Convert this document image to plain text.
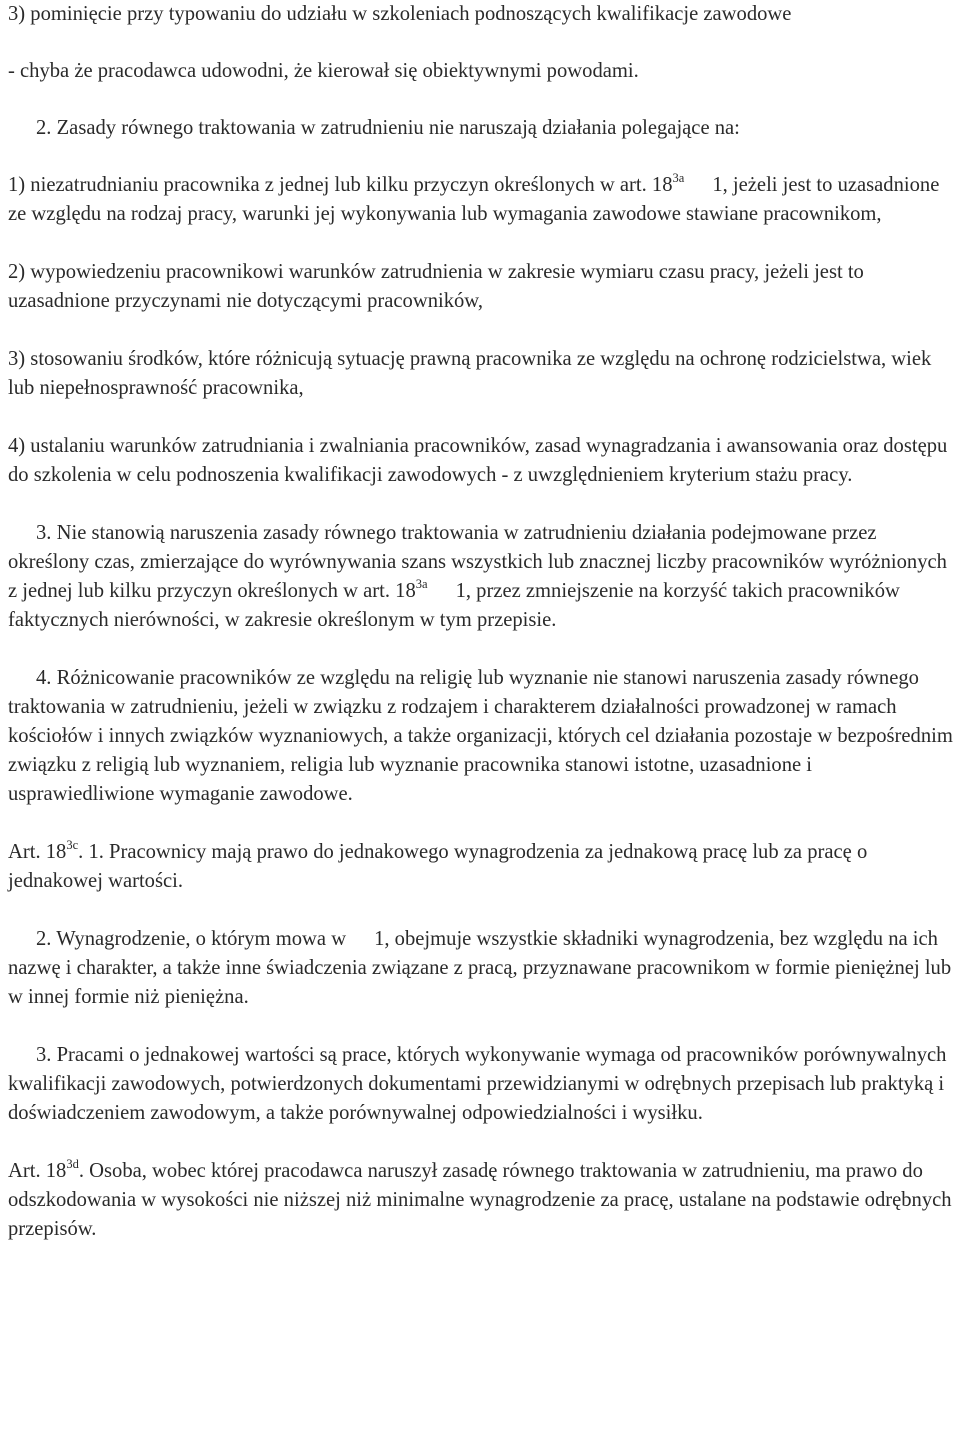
3) pominięcie przy typowaniu do udziału w szkoleniach podnoszących kwalifikacje zawodowe

- chyba że pracodawca udowodni, że kierował się obiektywnymi powodami.

2. Zasady równego traktowania w zatrudnieniu nie naruszają działania polegające na:

1) niezatrudnianiu pracownika z jednej lub kilku przyczyn określonych w art. $18^{3a}$ 1, jeżeli jest to uzasadnione ze względu na rodzaj pracy, warunki jej wykonywania lub wymagania zawodowe stawiane pracownikom,

2) wypowiedzeniu pracownikowi warunków zatrudnienia w zakresie wymiaru czasu pracy, jeżeli jest to uzasadnione przyczynami nie dotyczącymi pracowników,

3) stosowaniu środków, które różnicują sytuację prawną pracownika ze względu na ochronę rodzicielstwa, wiek lub niepełnosprawność pracownika,

4) ustalaniu warunków zatrudniania i zwalniania pracowników, zasad wynagradzania i awansowania oraz dostępu do szkolenia w celu podnoszenia kwalifikacji zawodowych - z uwzględnieniem kryterium stażu pracy.

3. Nie stanowią naruszenia zasady równego traktowania w zatrudnieniu działania podejmowane przez określony czas, zmierzające do wyrównywania szans wszystkich lub znacznej liczby pracowników wyróżnionych z jednej lub kilku przyczyn określonych w art. $18^{3a}$ 1, przez zmniejszenie na korzyść takich pracowników faktycznych nierówności, w zakresie określonym w tym przepisie.

4. Różnicowanie pracowników ze względu na religię lub wyznanie nie stanowi naruszenia zasady równego traktowania w zatrudnieniu, jeżeli w związku z rodzajem i charakterem działalności prowadzonej w ramach kościołów i innych związków wyznaniowych, a także organizacji, których cel działania pozostaje w bezpośrednim związku z religią lub wyznaniem, religia lub wyznanie pracownika stanowi istotne, uzasadnione i usprawiedliwione wymaganie zawodowe.

Art. $18^{3c}$. 1. Pracownicy mają prawo do jednakowego wynagrodzenia za jednakową pracę lub za pracę o jednakowej wartości.

2. Wynagrodzenie, o którym mowa w 1, obejmuje wszystkie składniki wynagrodzenia, bez względu na ich nazwę i charakter, a także inne świadczenia związane z pracą, przyznawane pracownikom w formie pieniężnej lub w innej formie niż pieniężna.

3. Pracami o jednakowej wartości są prace, których wykonywanie wymaga od pracowników porównywalnych kwalifikacji zawodowych, potwierdzonych dokumentami przewidzianymi w odrębnych przepisach lub praktyką i doświadczeniem zawodowym, a także porównywalnej odpowiedzialności i wysiłku.

Art. $18^{3d}$. Osoba, wobec której pracodawca naruszył zasadę równego traktowania w zatrudnieniu, ma prawo do odszkodowania w wysokości nie niższej niż minimalne wynagrodzenie za pracę, ustalane na podstawie odrębnych przepisów.
